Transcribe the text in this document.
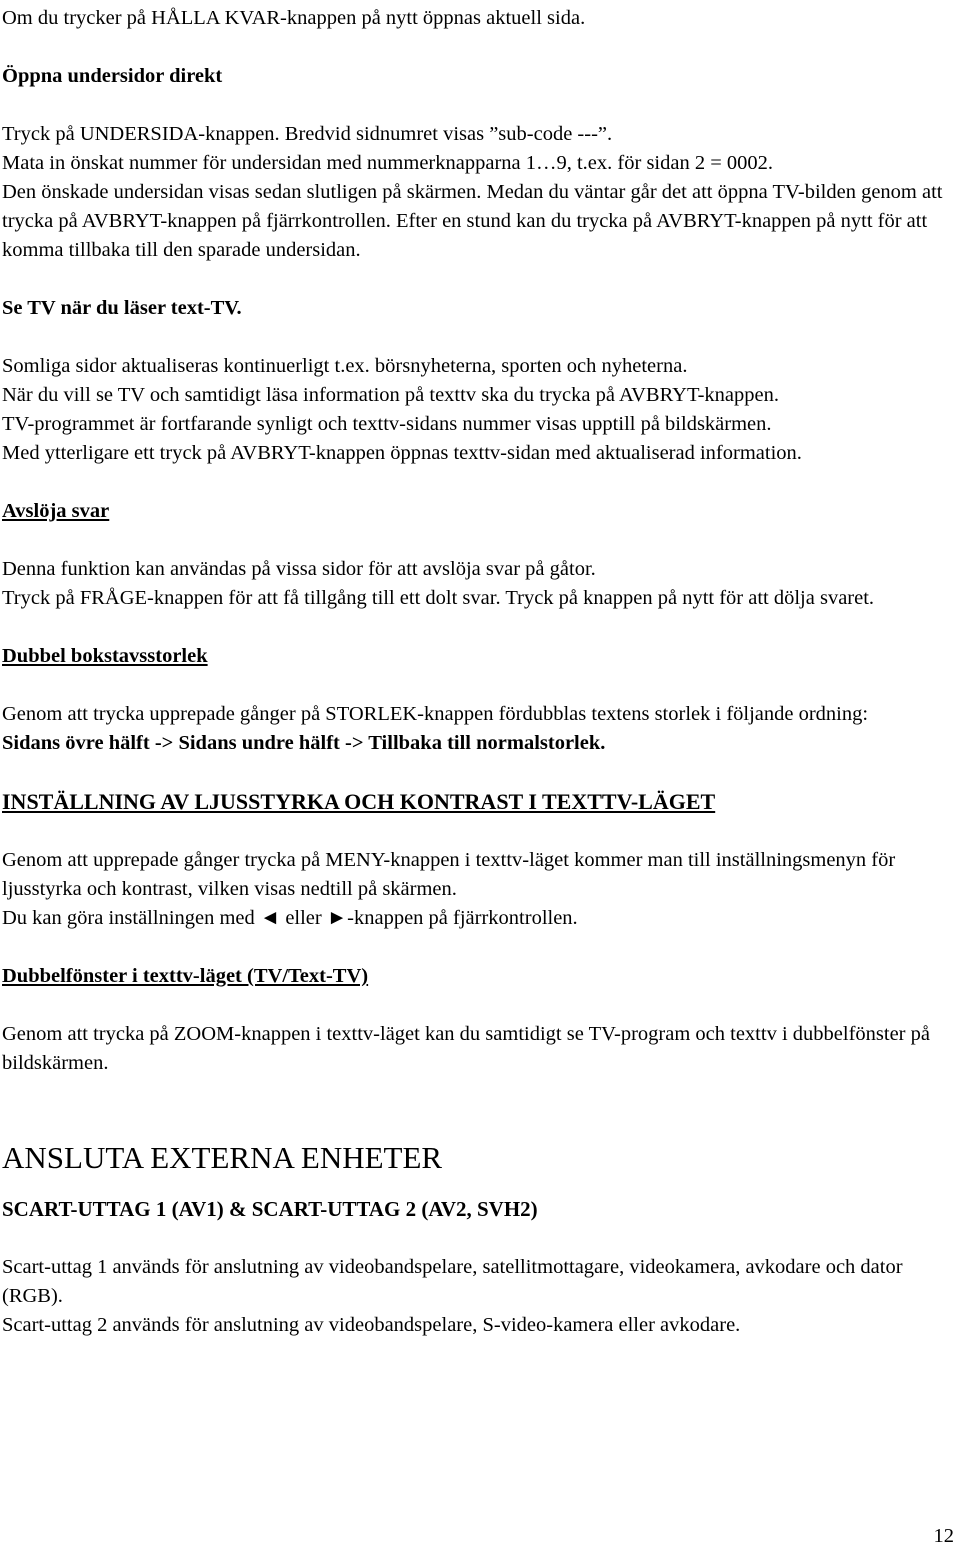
Om du trycker på HÅLLA KVAR-knappen på nytt öppnas aktuell sida.

Öppna undersidor direkt

Tryck på UNDERSIDA-knappen. Bredvid sidnumret visas ”sub-code ---”.

Mata in önskat nummer för undersidan med nummerknapparna 1…9, t.ex. för sidan 2 = 0002.

Den önskade undersidan visas sedan slutligen på skärmen. Medan du väntar går det att öppna TV-bilden genom att trycka på AVBRYT-knappen på fjärrkontrollen. Efter en stund kan du trycka på AVBRYT-knappen på nytt för att komma tillbaka till den sparade undersidan.

Se TV när du läser text-TV.

Somliga sidor aktualiseras kontinuerligt t.ex. börsnyheterna, sporten och nyheterna.

När du vill se TV och samtidigt läsa information på texttv ska du trycka på AVBRYT-knappen.

TV-programmet är fortfarande synligt och texttv-sidans nummer visas upptill på bildskärmen.

Med ytterligare ett tryck på AVBRYT-knappen öppnas texttv-sidan med aktualiserad information.

Avslöja svar

Denna funktion kan användas på vissa sidor för att avslöja svar på gåtor.

Tryck på FRÅGE-knappen för att få tillgång till ett dolt svar. Tryck på knappen på nytt för att dölja svaret.

Dubbel bokstavsstorlek

Genom att trycka upprepade gånger på STORLEK-knappen fördubblas textens storlek i följande ordning:

Sidans övre hälft -> Sidans undre hälft -> Tillbaka till normalstorlek.

INSTÄLLNING AV LJUSSTYRKA OCH KONTRAST I TEXTTV-LÄGET

Genom att upprepade gånger trycka på MENY-knappen i texttv-läget kommer man till inställningsmenyn för ljusstyrka och kontrast, vilken visas nedtill på skärmen.

Du kan göra inställningen med ◄ eller ►-knappen på fjärrkontrollen.

Dubbelfönster i texttv-läget (TV/Text-TV)

Genom att trycka på ZOOM-knappen i texttv-läget kan du samtidigt se TV-program och texttv i dubbelfönster på bildskärmen.

ANSLUTA EXTERNA ENHETER

SCART-UTTAG 1 (AV1) & SCART-UTTAG 2 (AV2, SVH2)

Scart-uttag 1 används för anslutning av videobandspelare, satellitmottagare, videokamera, avkodare och dator (RGB).

Scart-uttag 2 används för anslutning av videobandspelare, S-video-kamera eller avkodare.

12
